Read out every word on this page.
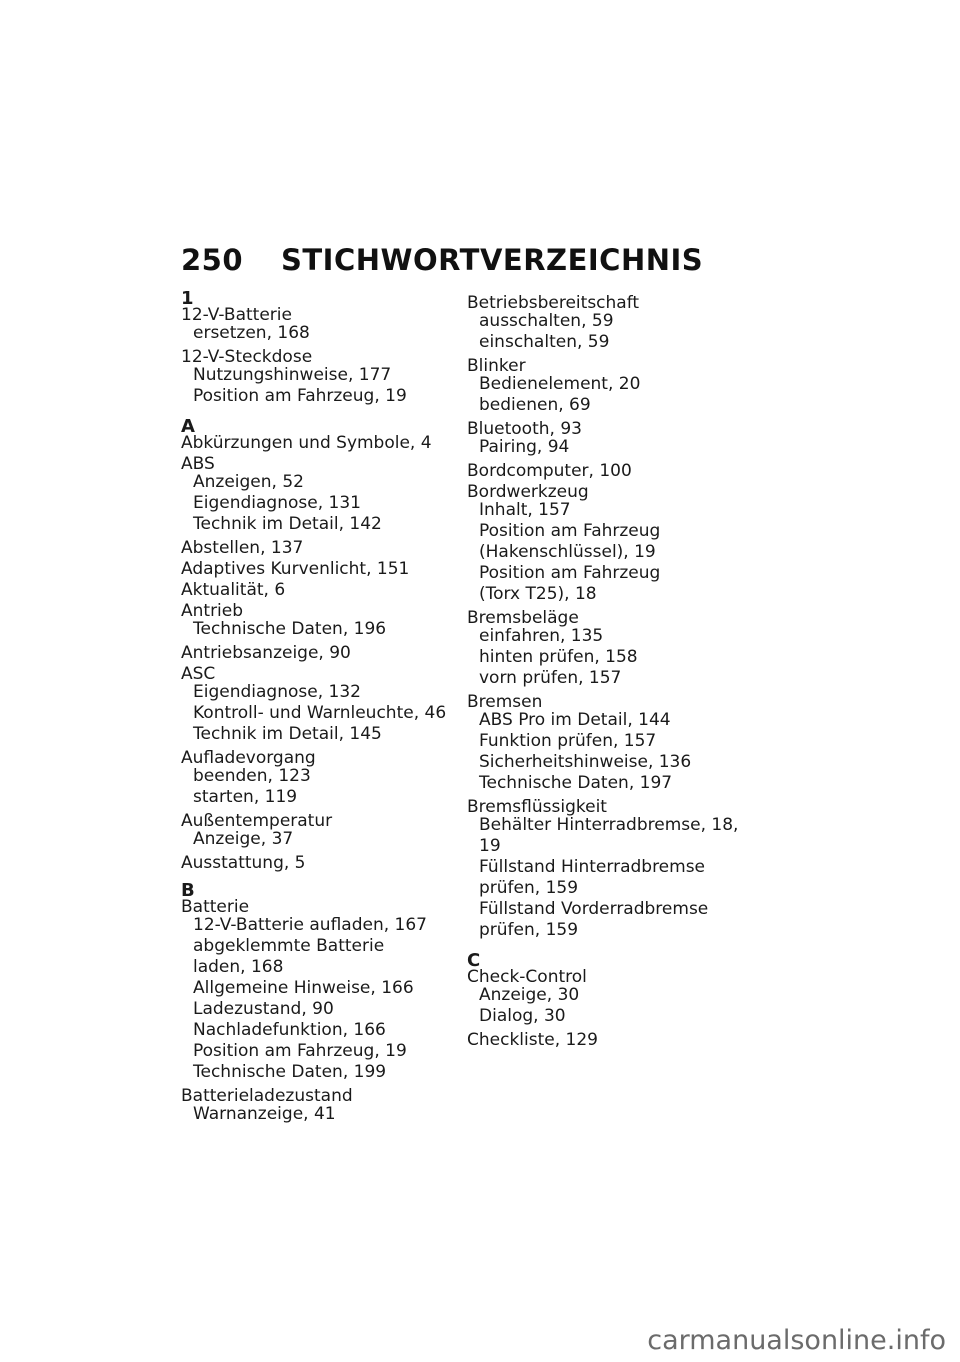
250	STICHWORTVERZEICHNIS
1
12-V-Batterie
ersetzen, 168
12-V-Steckdose
Nutzungshinweise, 177
Position am Fahrzeug, 19
A
Abkürzungen und Symbole, 4
ABS
Anzeigen, 52
Eigendiagnose, 131
Technik im Detail, 142
Abstellen, 137
Adaptives Kurvenlicht, 151
Aktualität, 6
Antrieb
Technische Daten, 196
Antriebsanzeige, 90
ASC
Eigendiagnose, 132
Kontroll- und Warnleuchte, 46
Technik im Detail, 145
Aufladevorgang
beenden, 123
starten, 119
Außentemperatur
Anzeige, 37
Ausstattung, 5
B
Batterie
12-V-Batterie aufladen, 167
abgeklemmte Batterie
laden, 168
Allgemeine Hinweise, 166
Ladezustand, 90
Nachladefunktion, 166
Position am Fahrzeug, 19
Technische Daten, 199
Batterieladezustand
Warnanzeige, 41
Betriebsbereitschaft
ausschalten, 59
einschalten, 59
Blinker
Bedienelement, 20
bedienen, 69
Bluetooth, 93
Pairing, 94
Bordcomputer, 100
Bordwerkzeug
Inhalt, 157
Position am Fahrzeug
(Hakenschlüssel), 19
Position am Fahrzeug
(Torx T25), 18
Bremsbeläge
einfahren, 135
hinten prüfen, 158
vorn prüfen, 157
Bremsen
ABS Pro im Detail, 144
Funktion prüfen, 157
Sicherheitshinweise, 136
Technische Daten, 197
Bremsflüssigkeit
Behälter Hinterradbremse, 18,
19
Füllstand Hinterradbremse
prüfen, 159
Füllstand Vorderradbremse
prüfen, 159
C
Check-Control
Anzeige, 30
Dialog, 30
Checkliste, 129
carmanualsonline.info
